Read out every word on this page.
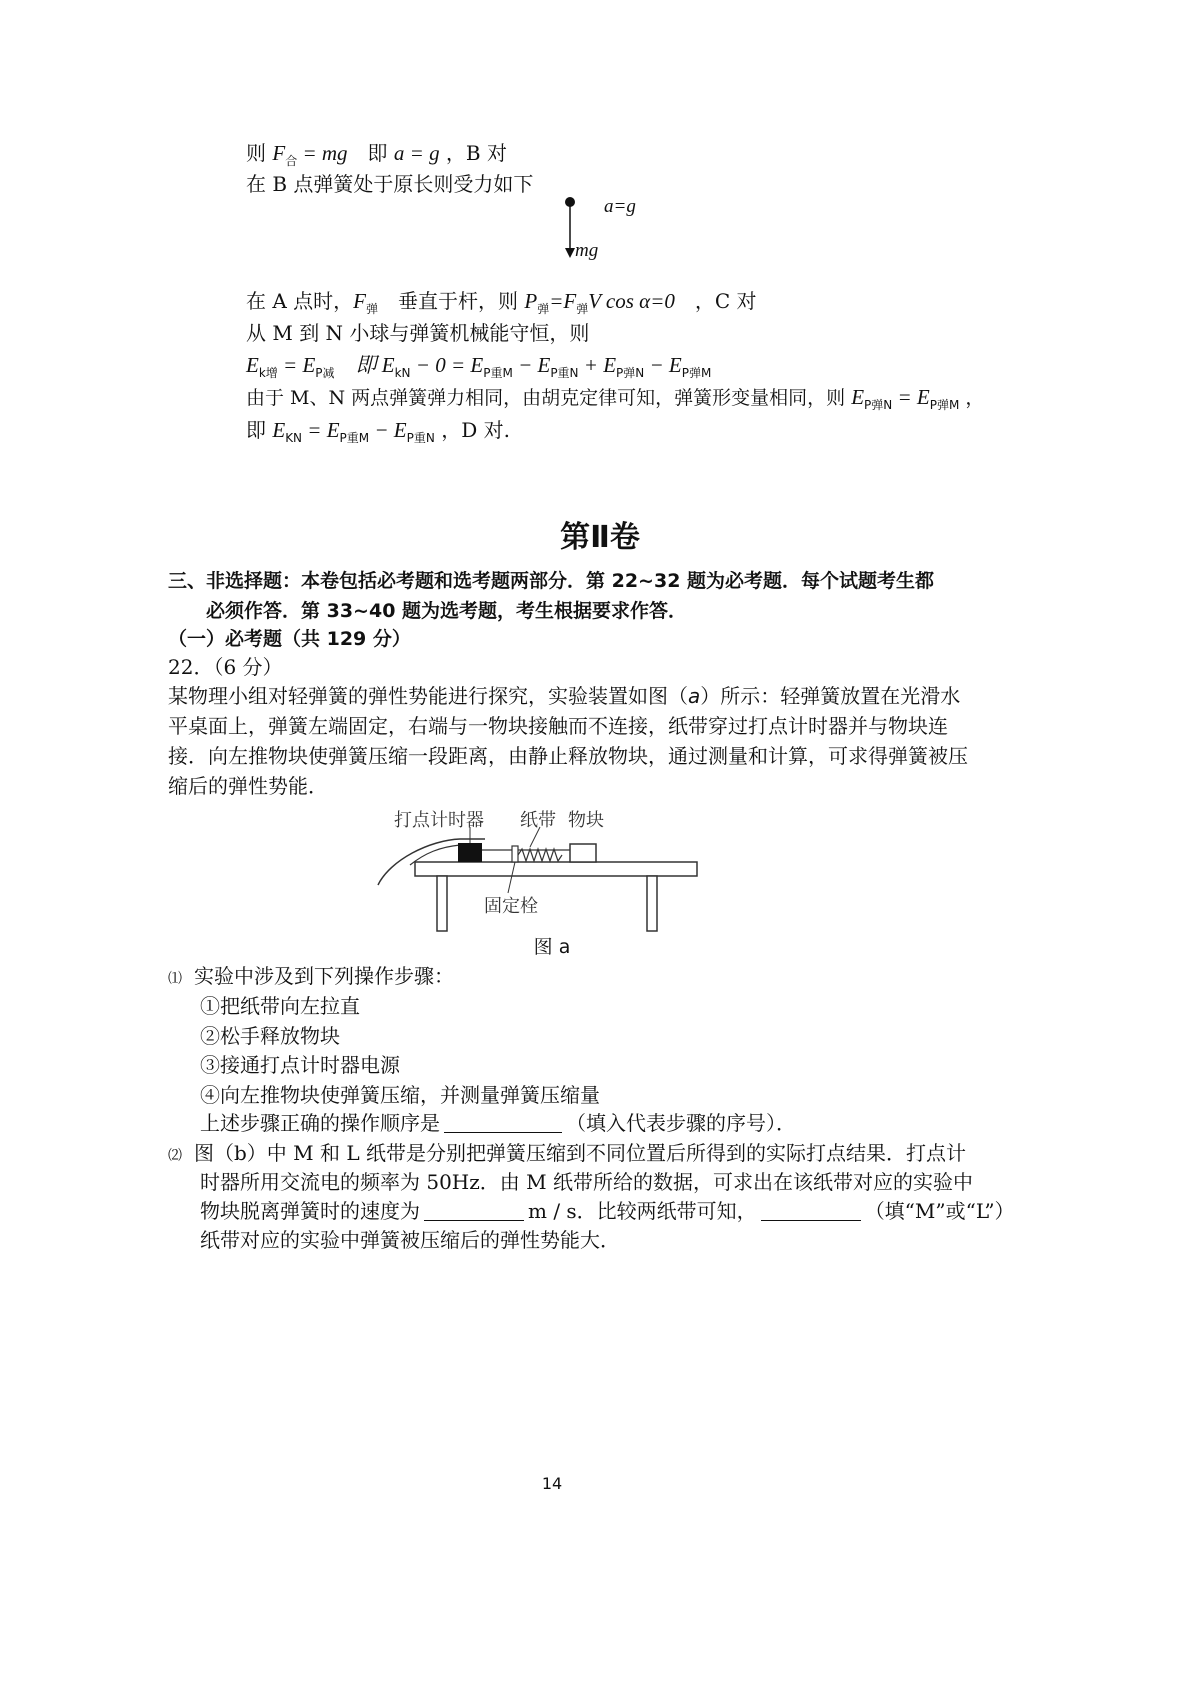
则 $F_合$ = mg　即 a = g ，B 对
在 B 点弹簧处于原长则受力如下
a=g
mg
在 A 点时，$F_弹$　垂直于杆，则 $P_弹=F_弹V$ cos α=0　，C 对
从 M 到 N 小球与弹簧机械能守恒，则
$E_{k增} = E_{P减}$　即 $E_{kN} - 0 = E_{P重M} - E_{P重N} + E_{P弹N} - E_{P弹M}$
由于 M、N 两点弹簧弹力相同，由胡克定律可知，弹簧形变量相同，则 $E_{P弹N} = E_{P弹M}$ ，
即 $E_{KN} = E_{P重M} - E_{P重N}$ ，D 对.
第Ⅱ卷
三、非选择题：本卷包括必考题和选考题两部分．第 22~32 题为必考题．每个试题考生都
必须作答．第 33~40 题为选考题，考生根据要求作答．
（一）必考题（共 129 分）
22．（6 分）
某物理小组对轻弹簧的弹性势能进行探究，实验装置如图（a）所示：轻弹簧放置在光滑水
平桌面上，弹簧左端固定，右端与一物块接触而不连接，纸带穿过打点计时器并与物块连
接．向左推物块使弹簧压缩一段距离，由静止释放物块，通过测量和计算，可求得弹簧被压
缩后的弹性势能．
打点计时器 纸带 物块
固定栓
图 a
⑴ 实验中涉及到下列操作步骤：
①把纸带向左拉直
②松手释放物块
③接通打点计时器电源
④向左推物块使弹簧压缩，并测量弹簧压缩量
上述步骤正确的操作顺序是	（填入代表步骤的序号）．
⑵ 图（b）中 M 和 L 纸带是分别把弹簧压缩到不同位置后所得到的实际打点结果．打点计
时器所用交流电的频率为 50Hz．由 M 纸带所给的数据，可求出在该纸带对应的实验中
物块脱离弹簧时的速度为	m / s．比较两纸带可知，	（填“M”或“L”）
纸带对应的实验中弹簧被压缩后的弹性势能大．
14
